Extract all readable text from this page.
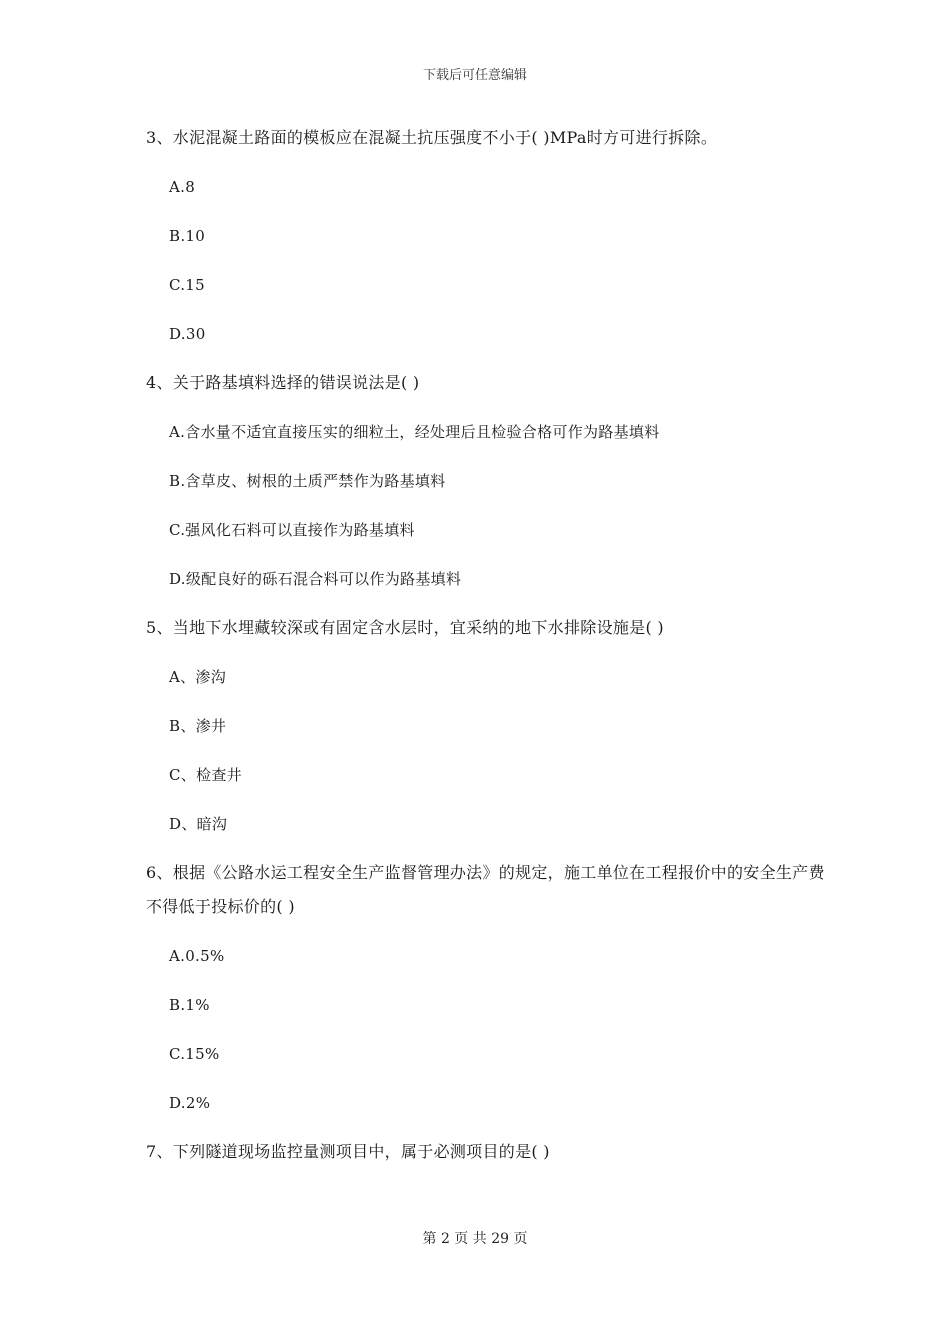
下载后可任意编辑
3、水泥混凝土路面的模板应在混凝土抗压强度不小于( )MPa时方可进行拆除。
A.8
B.10
C.15
D.30
4、关于路基填料选择的错误说法是( )
A.含水量不适宜直接压实的细粒土，经处理后且检验合格可作为路基填料
B.含草皮、树根的土质严禁作为路基填料
C.强风化石料可以直接作为路基填料
D.级配良好的砾石混合料可以作为路基填料
5、当地下水埋藏较深或有固定含水层时，宜采纳的地下水排除设施是( )
A、渗沟
B、渗井
C、检查井
D、暗沟
6、根据《公路水运工程安全生产监督管理办法》的规定，施工单位在工程报价中的安全生产费不得低于投标价的( )
A.0.5%
B.1%
C.15%
D.2%
7、下列隧道现场监控量测项目中，属于必测项目的是( )
第 2 页 共 29 页
